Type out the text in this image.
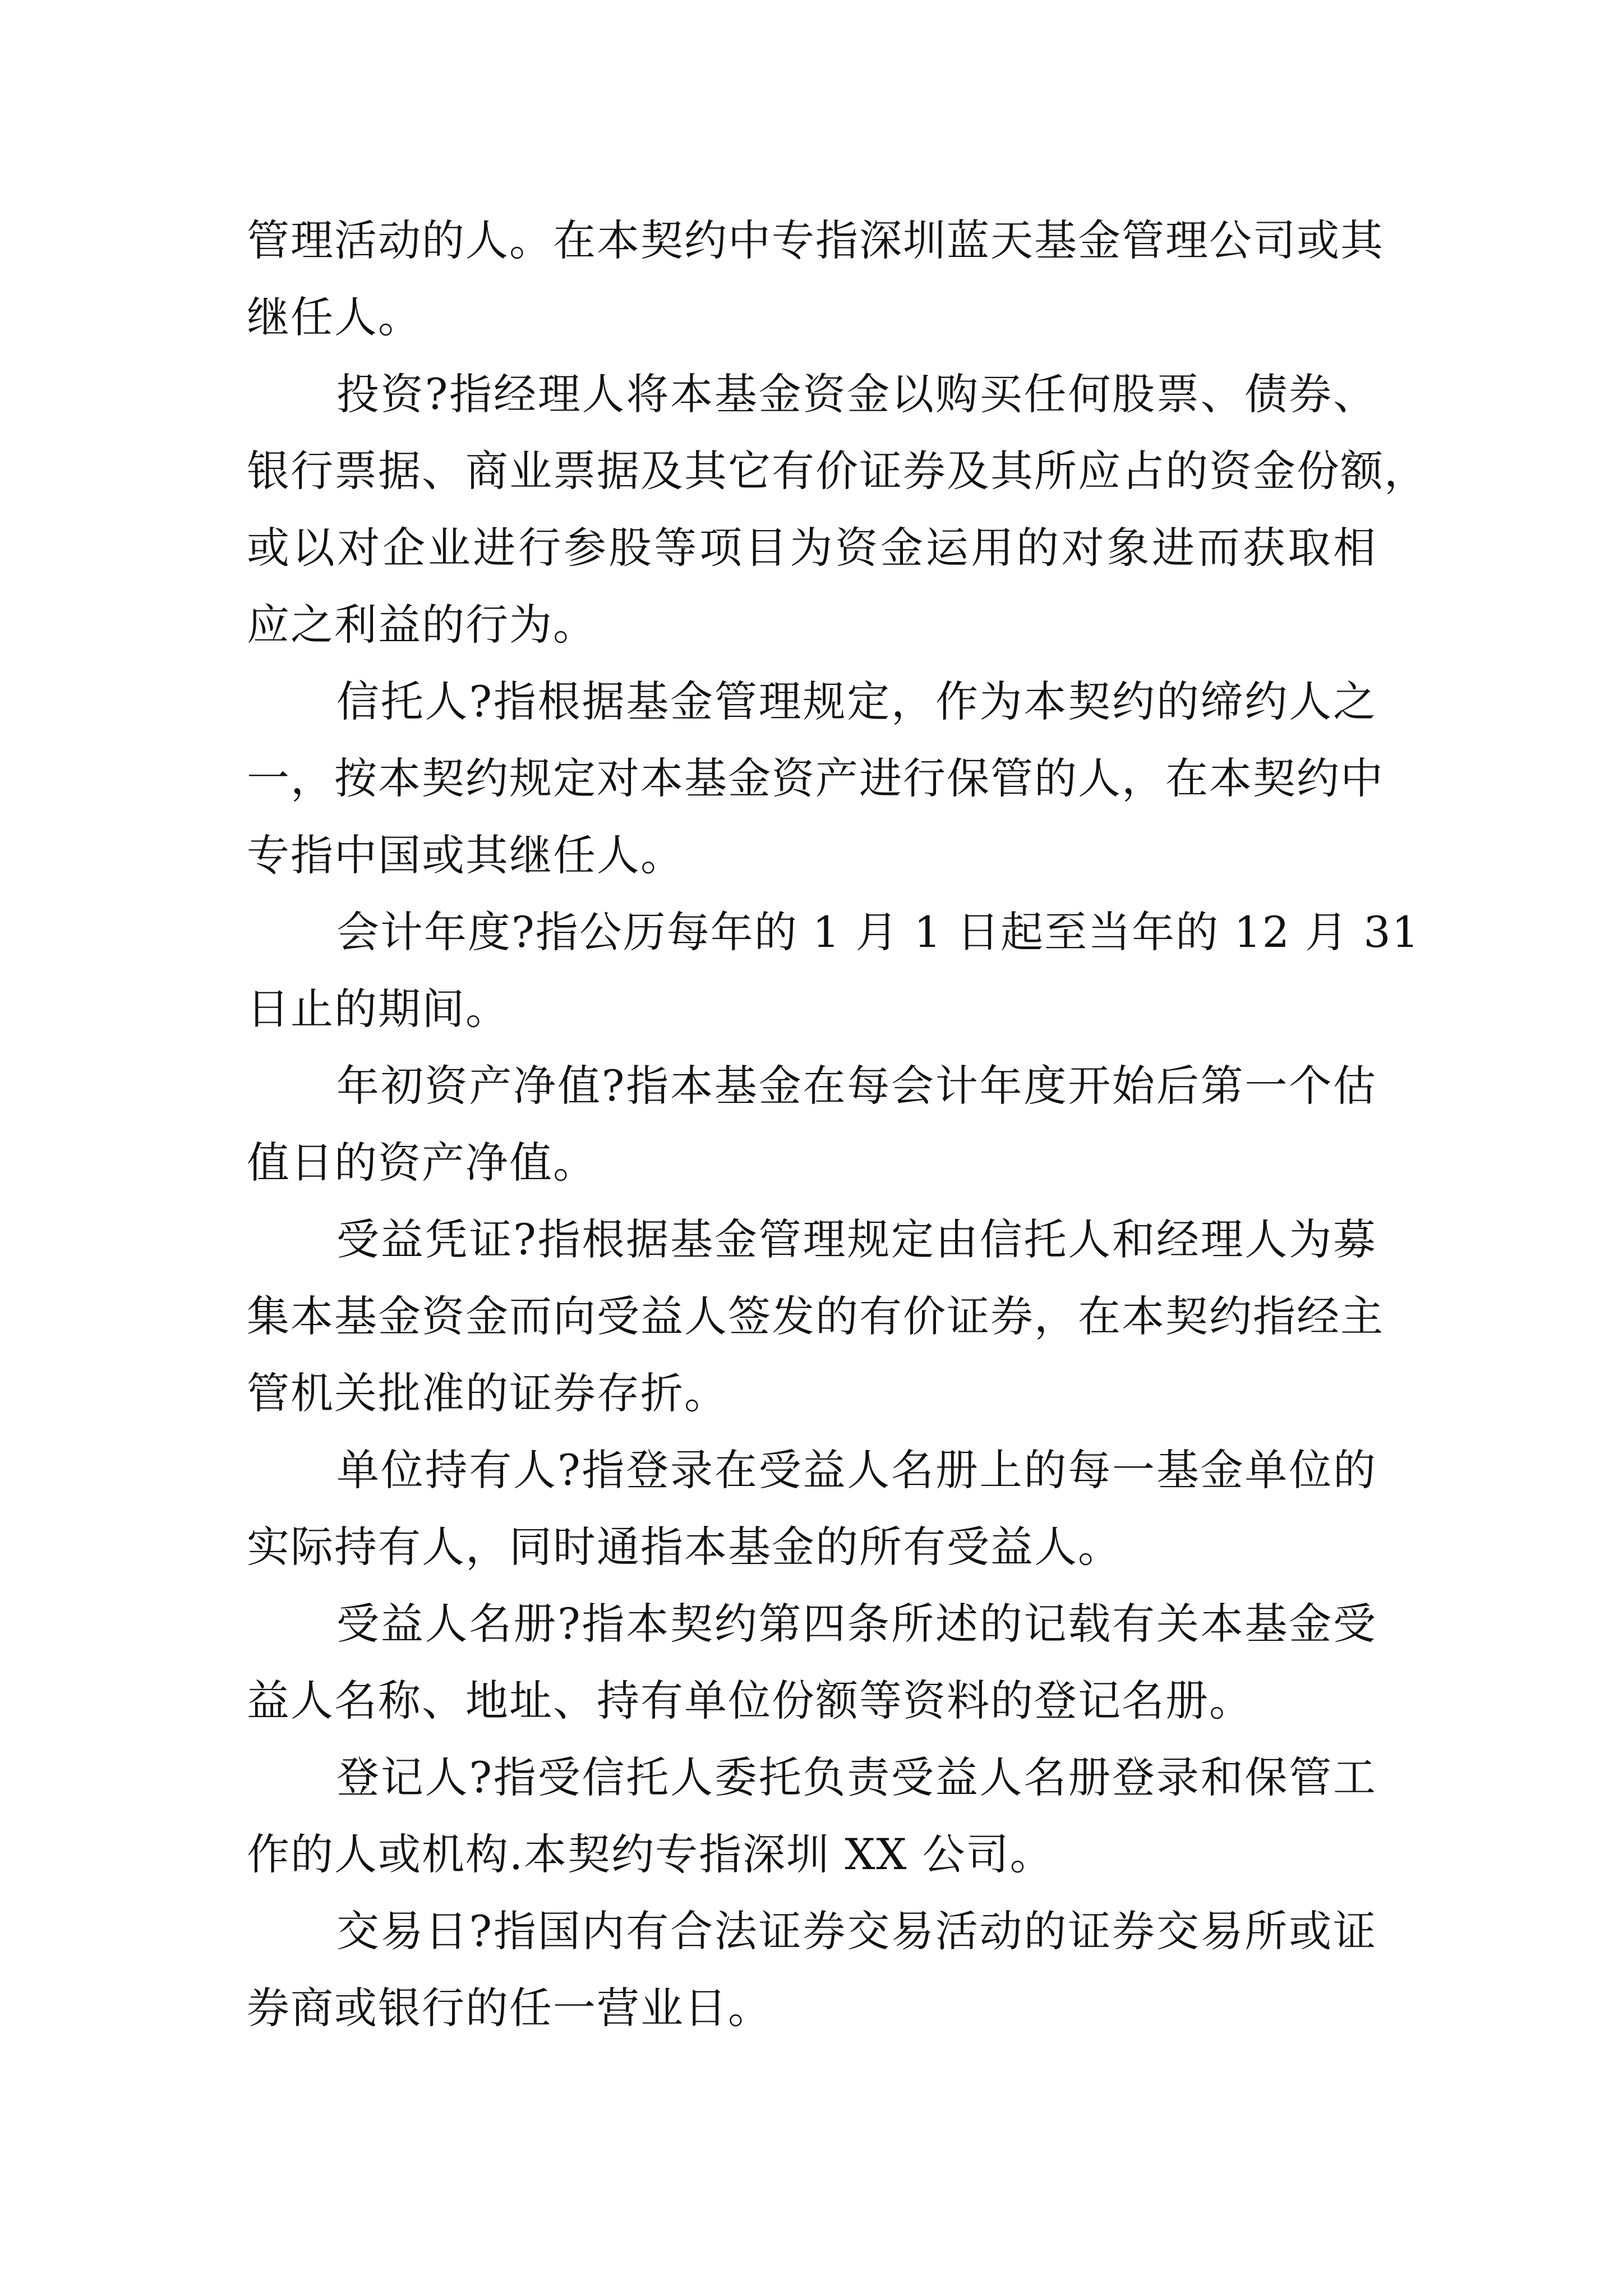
管理活动的人。在本契约中专指深圳蓝天基金管理公司或其
继任人。
投资?指经理人将本基金资金以购买任何股票、债券、
银行票据、商业票据及其它有价证券及其所应占的资金份额，
或以对企业进行参股等项目为资金运用的对象进而获取相
应之利益的行为。
信托人?指根据基金管理规定，作为本契约的缔约人之
一，按本契约规定对本基金资产进行保管的人，在本契约中
专指中国或其继任人。
会计年度?指公历每年的 1 月 1 日起至当年的 12 月 31
日止的期间。
年初资产净值?指本基金在每会计年度开始后第一个估
值日的资产净值。
受益凭证?指根据基金管理规定由信托人和经理人为募
集本基金资金而向受益人签发的有价证券，在本契约指经主
管机关批准的证券存折。
单位持有人?指登录在受益人名册上的每一基金单位的
实际持有人，同时通指本基金的所有受益人。
受益人名册?指本契约第四条所述的记载有关本基金受
益人名称、地址、持有单位份额等资料的登记名册。
登记人?指受信托人委托负责受益人名册登录和保管工
作的人或机构.本契约专指深圳 XX 公司。
交易日?指国内有合法证券交易活动的证券交易所或证
券商或银行的任一营业日。
